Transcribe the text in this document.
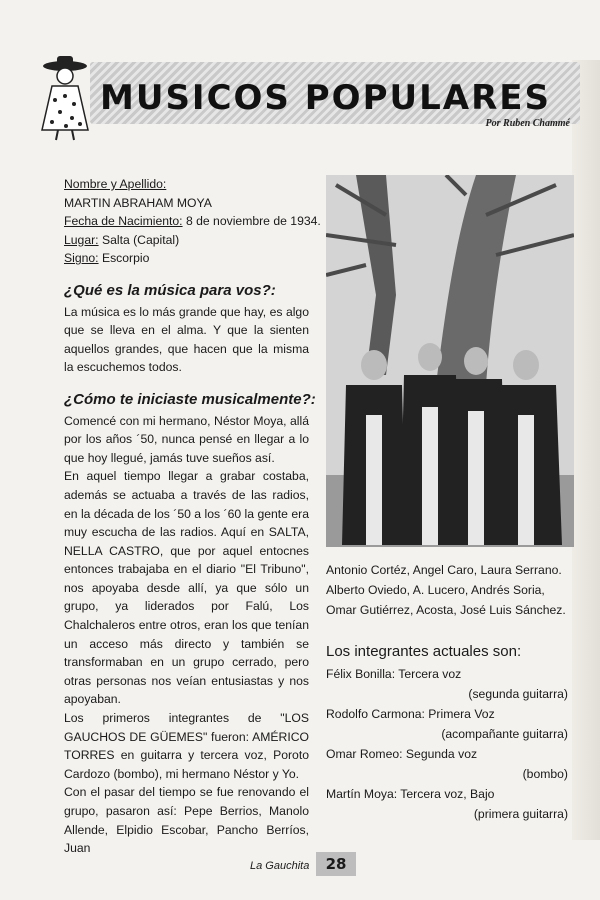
MUSICOS POPULARES
Por Ruben Chammé

Nombre y Apellido:

MARTIN ABRAHAM MOYA

Fecha de Nacimiento: 8 de noviembre de 1934.

Lugar: Salta (Capital)

Signo: Escorpio

¿Qué es la música para vos?:

La música es lo más grande que hay, es algo que se lleva en el alma. Y que la sienten aquellos grandes, que hacen que la misma la escuchemos todos.

¿Cómo te iniciaste musicalmente?:

Comencé con mi hermano, Néstor Moya, allá por los años ´50, nunca pensé en llegar a lo que hoy llegué, jamás tuve sueños así.

En aquel tiempo llegar a grabar costaba, además se actuaba a través de las radios, en la década de los ´50 a los ´60 la gente era muy escucha de las radios. Aquí en SALTA, NELLA CASTRO, que por aquel entocnes entonces trabajaba en el diario "El Tribuno", nos apoyaba desde allí, ya que sólo un grupo, ya liderados por Falú, Los Chalchaleros entre otros, eran los que tenían un acceso más directo y también se transformaban en un grupo cerrado, pero otras personas nos veían entusiastas y nos apoyaban.

Los primeros integrantes de "LOS GAUCHOS DE GÜEMES" fueron: AMÉRICO TORRES en guitarra y tercera voz, Poroto Cardozo (bombo), mi hermano Néstor y Yo.

Con el pasar del tiempo se fue renovando el grupo, pasaron así: Pepe Berrios, Manolo Allende, Elpidio Escobar, Pancho Berríos, Juan

Antonio Cortéz, Angel Caro, Laura Serrano. Alberto Oviedo, A. Lucero, Andrés Soria, Omar Gutiérrez, Acosta, José Luis Sánchez.

Los integrantes actuales son:

Félix Bonilla: Tercera voz
(segunda guitarra)

Rodolfo Carmona: Primera Voz
(acompañante guitarra)

Omar Romeo: Segunda voz
(bombo)

Martín Moya: Tercera voz, Bajo
(primera guitarra)

La Gauchita	28
